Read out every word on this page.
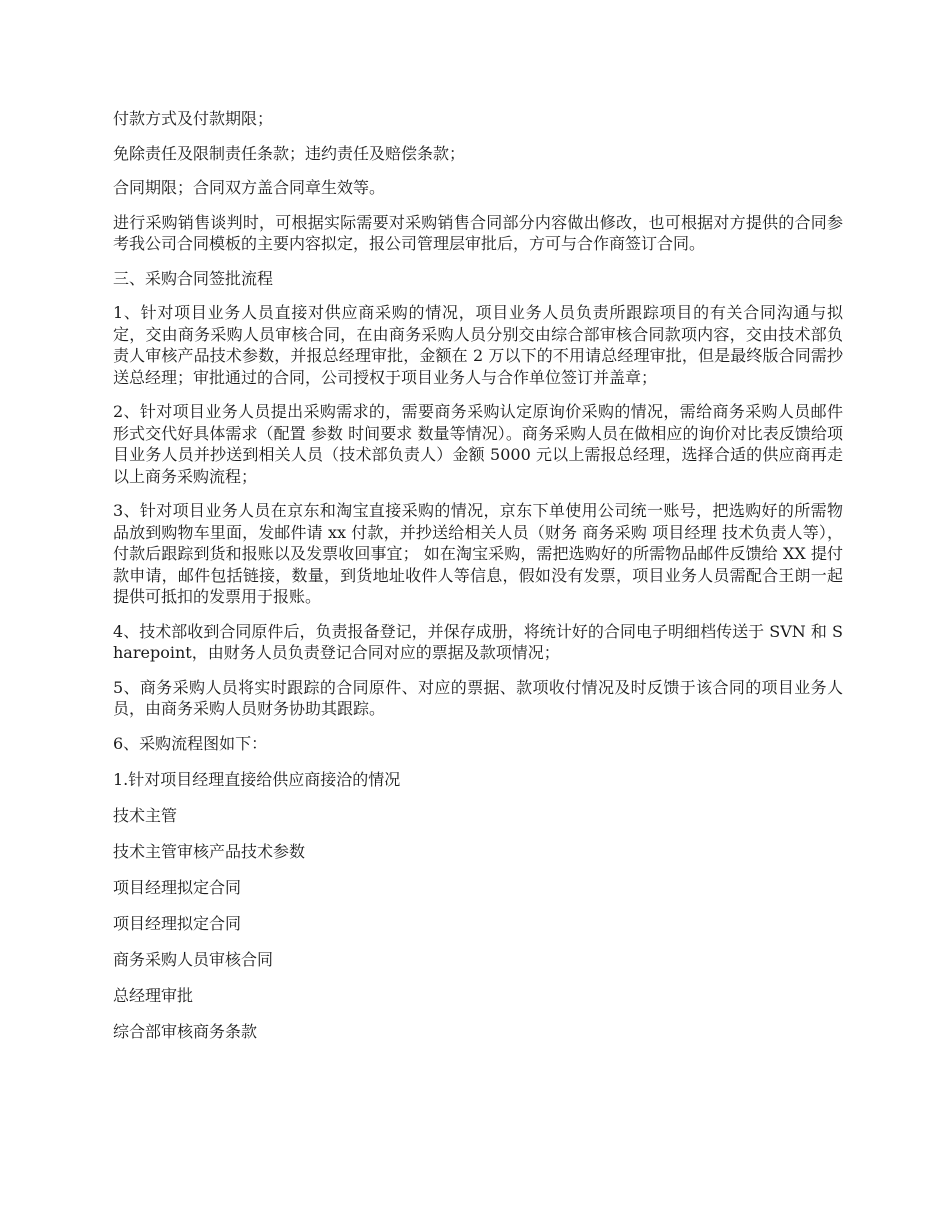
付款方式及付款期限；

免除责任及限制责任条款；违约责任及赔偿条款；

合同期限；合同双方盖合同章生效等。

进行采购销售谈判时，可根据实际需要对采购销售合同部分内容做出修改，也可根据对方提供的合同参考我公司合同模板的主要内容拟定，报公司管理层审批后，方可与合作商签订合同。

三、采购合同签批流程

1、针对项目业务人员直接对供应商采购的情况，项目业务人员负责所跟踪项目的有关合同沟通与拟定，交由商务采购人员审核合同，在由商务采购人员分别交由综合部审核合同款项内容，交由技术部负责人审核产品技术参数，并报总经理审批，金额在 2 万以下的不用请总经理审批，但是最终版合同需抄送总经理；审批通过的合同，公司授权于项目业务人与合作单位签订并盖章；

2、针对项目业务人员提出采购需求的，需要商务采购认定原询价采购的情况，需给商务采购人员邮件形式交代好具体需求（配置 参数 时间要求 数量等情况）。商务采购人员在做相应的询价对比表反馈给项目业务人员并抄送到相关人员（技术部负责人）金额 5000 元以上需报总经理，选择合适的供应商再走以上商务采购流程；

3、针对项目业务人员在京东和淘宝直接采购的情况，京东下单使用公司统一账号，把选购好的所需物品放到购物车里面，发邮件请 xx 付款，并抄送给相关人员（财务 商务采购 项目经理 技术负责人等），付款后跟踪到货和报账以及发票收回事宜； 如在淘宝采购，需把选购好的所需物品邮件反馈给 XX 提付款申请，邮件包括链接，数量，到货地址收件人等信息，假如没有发票，项目业务人员需配合王朗一起提供可抵扣的发票用于报账。

4、技术部收到合同原件后，负责报备登记，并保存成册，将统计好的合同电子明细档传送于 SVN 和 Sharepoint，由财务人员负责登记合同对应的票据及款项情况；

5、商务采购人员将实时跟踪的合同原件、对应的票据、款项收付情况及时反馈于该合同的项目业务人员，由商务采购人员财务协助其跟踪。

6、采购流程图如下：

1.针对项目经理直接给供应商接洽的情况

技术主管

技术主管审核产品技术参数

项目经理拟定合同

项目经理拟定合同

商务采购人员审核合同

总经理审批

综合部审核商务条款
